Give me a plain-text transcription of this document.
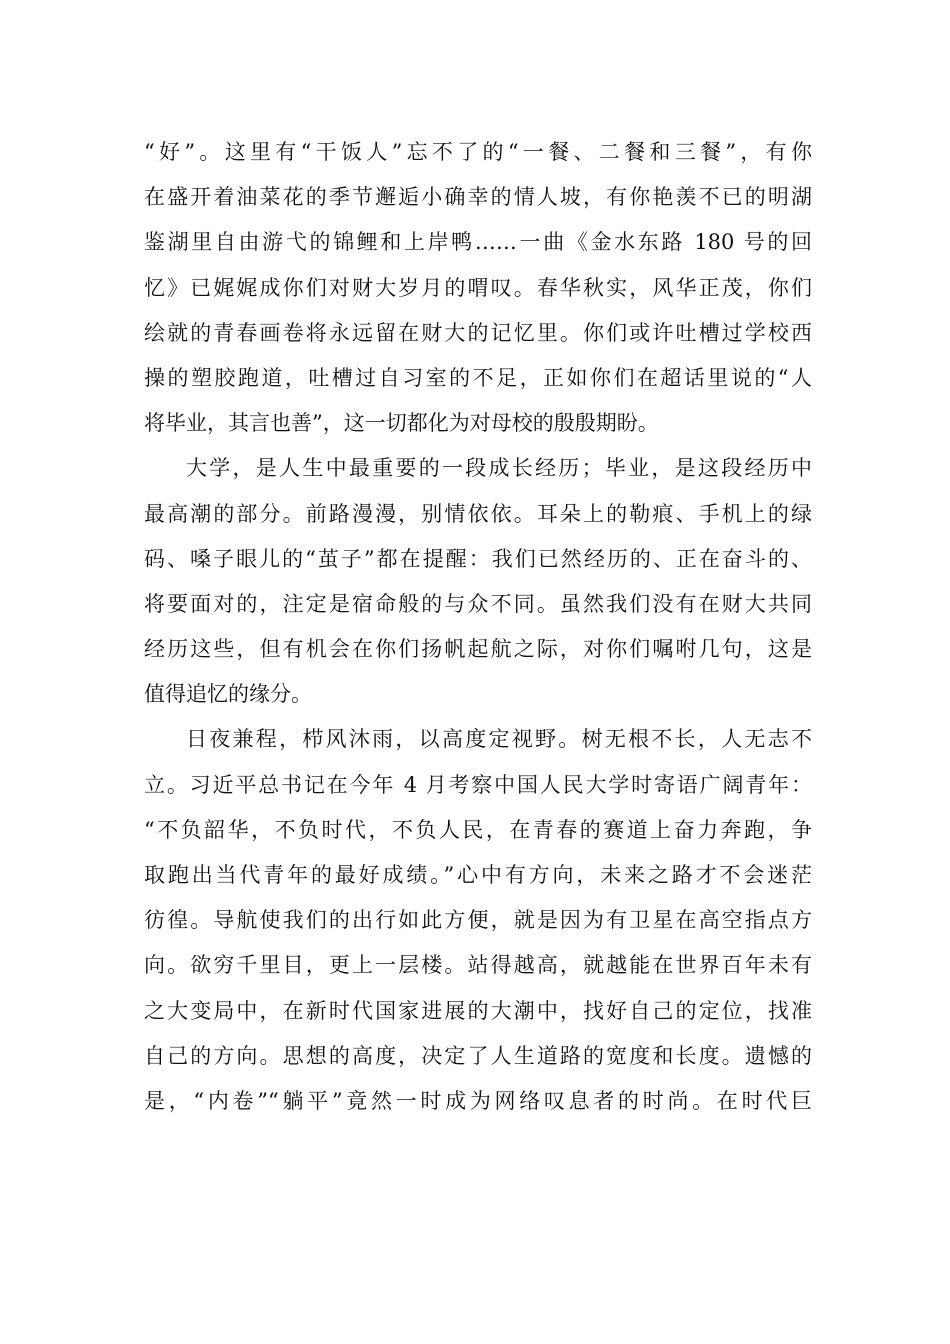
“好”。这里有“干饭人”忘不了的“一餐、二餐和三餐”，有你
在盛开着油菜花的季节邂逅小确幸的情人坡，有你艳羡不已的明湖
鉴湖里自由游弋的锦鲤和上岸鸭……一曲《金水东路 180 号的回
忆》已娓娓成你们对财大岁月的喟叹。春华秋实，风华正茂，你们
绘就的青春画卷将永远留在财大的记忆里。你们或许吐槽过学校西
操的塑胶跑道，吐槽过自习室的不足，正如你们在超话里说的“人
将毕业，其言也善”，这一切都化为对母校的殷殷期盼。
大学，是人生中最重要的一段成长经历；毕业，是这段经历中
最高潮的部分。前路漫漫，别情依依。耳朵上的勒痕、手机上的绿
码、嗓子眼儿的“茧子”都在提醒：我们已然经历的、正在奋斗的、
将要面对的，注定是宿命般的与众不同。虽然我们没有在财大共同
经历这些，但有机会在你们扬帆起航之际，对你们嘱咐几句，这是
值得追忆的缘分。
日夜兼程，栉风沐雨，以高度定视野。树无根不长，人无志不
立。习近平总书记在今年 4 月考察中国人民大学时寄语广阔青年：
“不负韶华，不负时代，不负人民，在青春的赛道上奋力奔跑，争
取跑出当代青年的最好成绩。”心中有方向，未来之路才不会迷茫
彷徨。导航使我们的出行如此方便，就是因为有卫星在高空指点方
向。欲穷千里目，更上一层楼。站得越高，就越能在世界百年未有
之大变局中，在新时代国家进展的大潮中，找好自己的定位，找准
自己的方向。思想的高度，决定了人生道路的宽度和长度。遗憾的
是，“内卷”“躺平”竟然一时成为网络叹息者的时尚。在时代巨
